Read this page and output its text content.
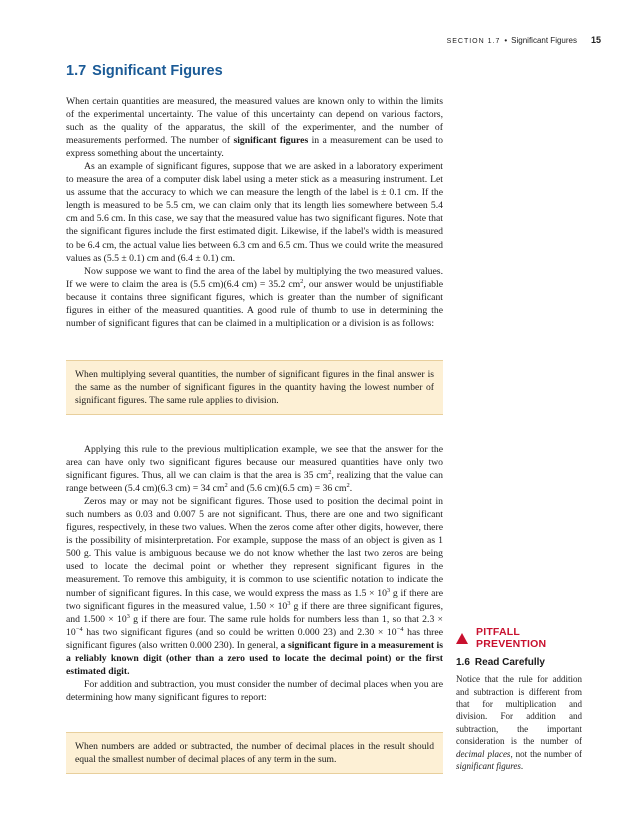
SECTION 1.7 • Significant Figures 15
1.7 Significant Figures

When certain quantities are measured, the measured values are known only to within the limits of the experimental uncertainty. The value of this uncertainty can depend on various factors, such as the quality of the apparatus, the skill of the experimenter, and the number of measurements performed. The number of significant figures in a measurement can be used to express something about the uncertainty.

As an example of significant figures, suppose that we are asked in a laboratory experiment to measure the area of a computer disk label using a meter stick as a measuring instrument. Let us assume that the accuracy to which we can measure the length of the label is ± 0.1 cm. If the length is measured to be 5.5 cm, we can claim only that its length lies somewhere between 5.4 cm and 5.6 cm. In this case, we say that the measured value has two significant figures. Note that the significant figures include the first estimated digit. Likewise, if the label's width is measured to be 6.4 cm, the actual value lies between 6.3 cm and 6.5 cm. Thus we could write the measured values as (5.5 ± 0.1) cm and (6.4 ± 0.1) cm.

Now suppose we want to find the area of the label by multiplying the two measured values. If we were to claim the area is (5.5 cm)(6.4 cm) = 35.2 $cm^2$, our answer would be unjustifiable because it contains three significant figures, which is greater than the number of significant figures in either of the measured quantities. A good rule of thumb to use in determining the number of significant figures that can be claimed in a multiplication or a division is as follows:

When multiplying several quantities, the number of significant figures in the final answer is the same as the number of significant figures in the quantity having the lowest number of significant figures. The same rule applies to division.

Applying this rule to the previous multiplication example, we see that the answer for the area can have only two significant figures because our measured quantities have only two significant figures. Thus, all we can claim is that the area is 35 $cm^2$, realizing that the value can range between (5.4 cm)(6.3 cm) = 34 $cm^2$ and (5.6 cm)(6.5 cm) = 36 $cm^2$.

Zeros may or may not be significant figures. Those used to position the decimal point in such numbers as 0.03 and 0.007 5 are not significant. Thus, there are one and two significant figures, respectively, in these two values. When the zeros come after other digits, however, there is the possibility of misinterpretation. For example, suppose the mass of an object is given as 1 500 g. This value is ambiguous because we do not know whether the last two zeros are being used to locate the decimal point or whether they represent significant figures in the measurement. To remove this ambiguity, it is common to use scientific notation to indicate the number of significant figures. In this case, we would express the mass as $1.5 \times 10^3$ g if there are two significant figures in the measured value, $1.50 \times 10^3$ g if there are three significant figures, and $1.500 \times 10^3$ g if there are four. The same rule holds for numbers less than 1, so that $2.3 \times 10^{-4}$ has two significant figures (and so could be written 0.000 23) and $2.30 \times 10^{-4}$ has three significant figures (also written 0.000 230). In general, a significant figure in a measurement is a reliably known digit (other than a zero used to locate the decimal point) or the first estimated digit.

For addition and subtraction, you must consider the number of decimal places when you are determining how many significant figures to report:

When numbers are added or subtracted, the number of decimal places in the result should equal the smallest number of decimal places of any term in the sum.

PITFALL PREVENTION
1.6 Read Carefully

Notice that the rule for addition and subtraction is different from that for multiplication and division. For addition and subtraction, the important consideration is the number of decimal places, not the number of significant figures.
